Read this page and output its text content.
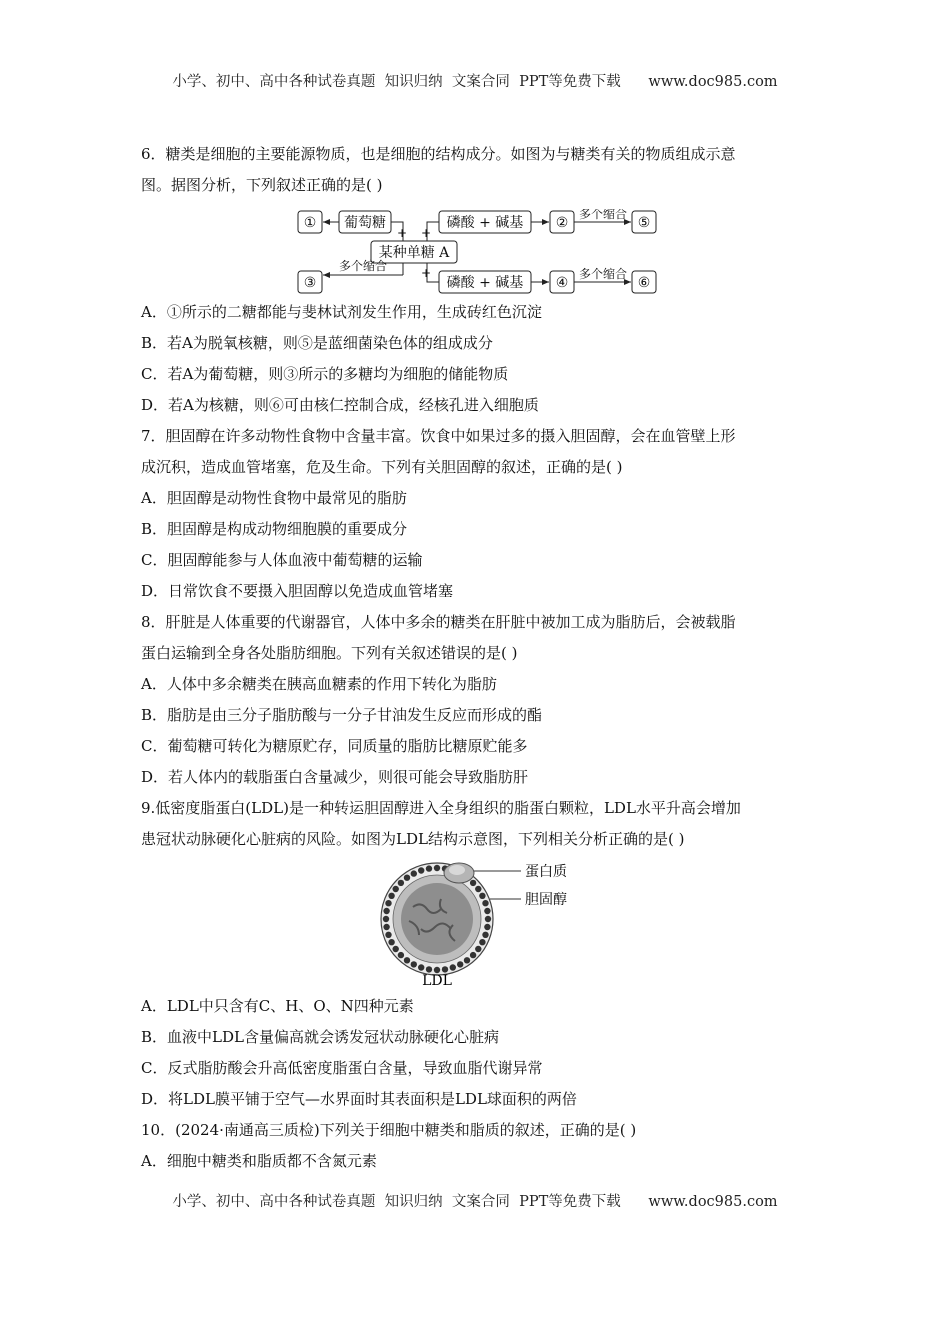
小学、初中、高中各种试卷真题  知识归纳  文案合同  PPT等免费下载      www.doc985.com
6．糖类是细胞的主要能源物质，也是细胞的结构成分。如图为与糖类有关的物质组成示意
图。据图分析，下列叙述正确的是( )
① 葡萄糖
某种单糖 A
磷酸 + 碱基 ②	⑤
③	磷酸 + 碱基 ④	⑥
多个缩合
多个缩合
多个缩合
+ +
+
A．①所示的二糖都能与斐林试剂发生作用，生成砖红色沉淀
B．若A为脱氧核糖，则⑤是蓝细菌染色体的组成成分
C．若A为葡萄糖，则③所示的多糖均为细胞的储能物质
D．若A为核糖，则⑥可由核仁控制合成，经核孔进入细胞质
7．胆固醇在许多动物性食物中含量丰富。饮食中如果过多的摄入胆固醇，会在血管壁上形
成沉积，造成血管堵塞，危及生命。下列有关胆固醇的叙述，正确的是( )
A．胆固醇是动物性食物中最常见的脂肪
B．胆固醇是构成动物细胞膜的重要成分
C．胆固醇能参与人体血液中葡萄糖的运输
D．日常饮食不要摄入胆固醇以免造成血管堵塞
8．肝脏是人体重要的代谢器官，人体中多余的糖类在肝脏中被加工成为脂肪后，会被载脂
蛋白运输到全身各处脂肪细胞。下列有关叙述错误的是( )
A．人体中多余糖类在胰高血糖素的作用下转化为脂肪
B．脂肪是由三分子脂肪酸与一分子甘油发生反应而形成的酯
C．葡萄糖可转化为糖原贮存，同质量的脂肪比糖原贮能多
D．若人体内的载脂蛋白含量减少，则很可能会导致脂肪肝
9.低密度脂蛋白(LDL)是一种转运胆固醇进入全身组织的脂蛋白颗粒，LDL水平升高会增加
患冠状动脉硬化心脏病的风险。如图为LDL结构示意图，下列相关分析正确的是( )
蛋白质
胆固醇
LDL
A．LDL中只含有C、H、O、N四种元素
B．血液中LDL含量偏高就会诱发冠状动脉硬化心脏病
C．反式脂肪酸会升高低密度脂蛋白含量，导致血脂代谢异常
D．将LDL膜平铺于空气—水界面时其表面积是LDL球面积的两倍
10．(2024·南通高三质检)下列关于细胞中糖类和脂质的叙述，正确的是( )
A．细胞中糖类和脂质都不含氮元素
小学、初中、高中各种试卷真题  知识归纳  文案合同  PPT等免费下载      www.doc985.com
